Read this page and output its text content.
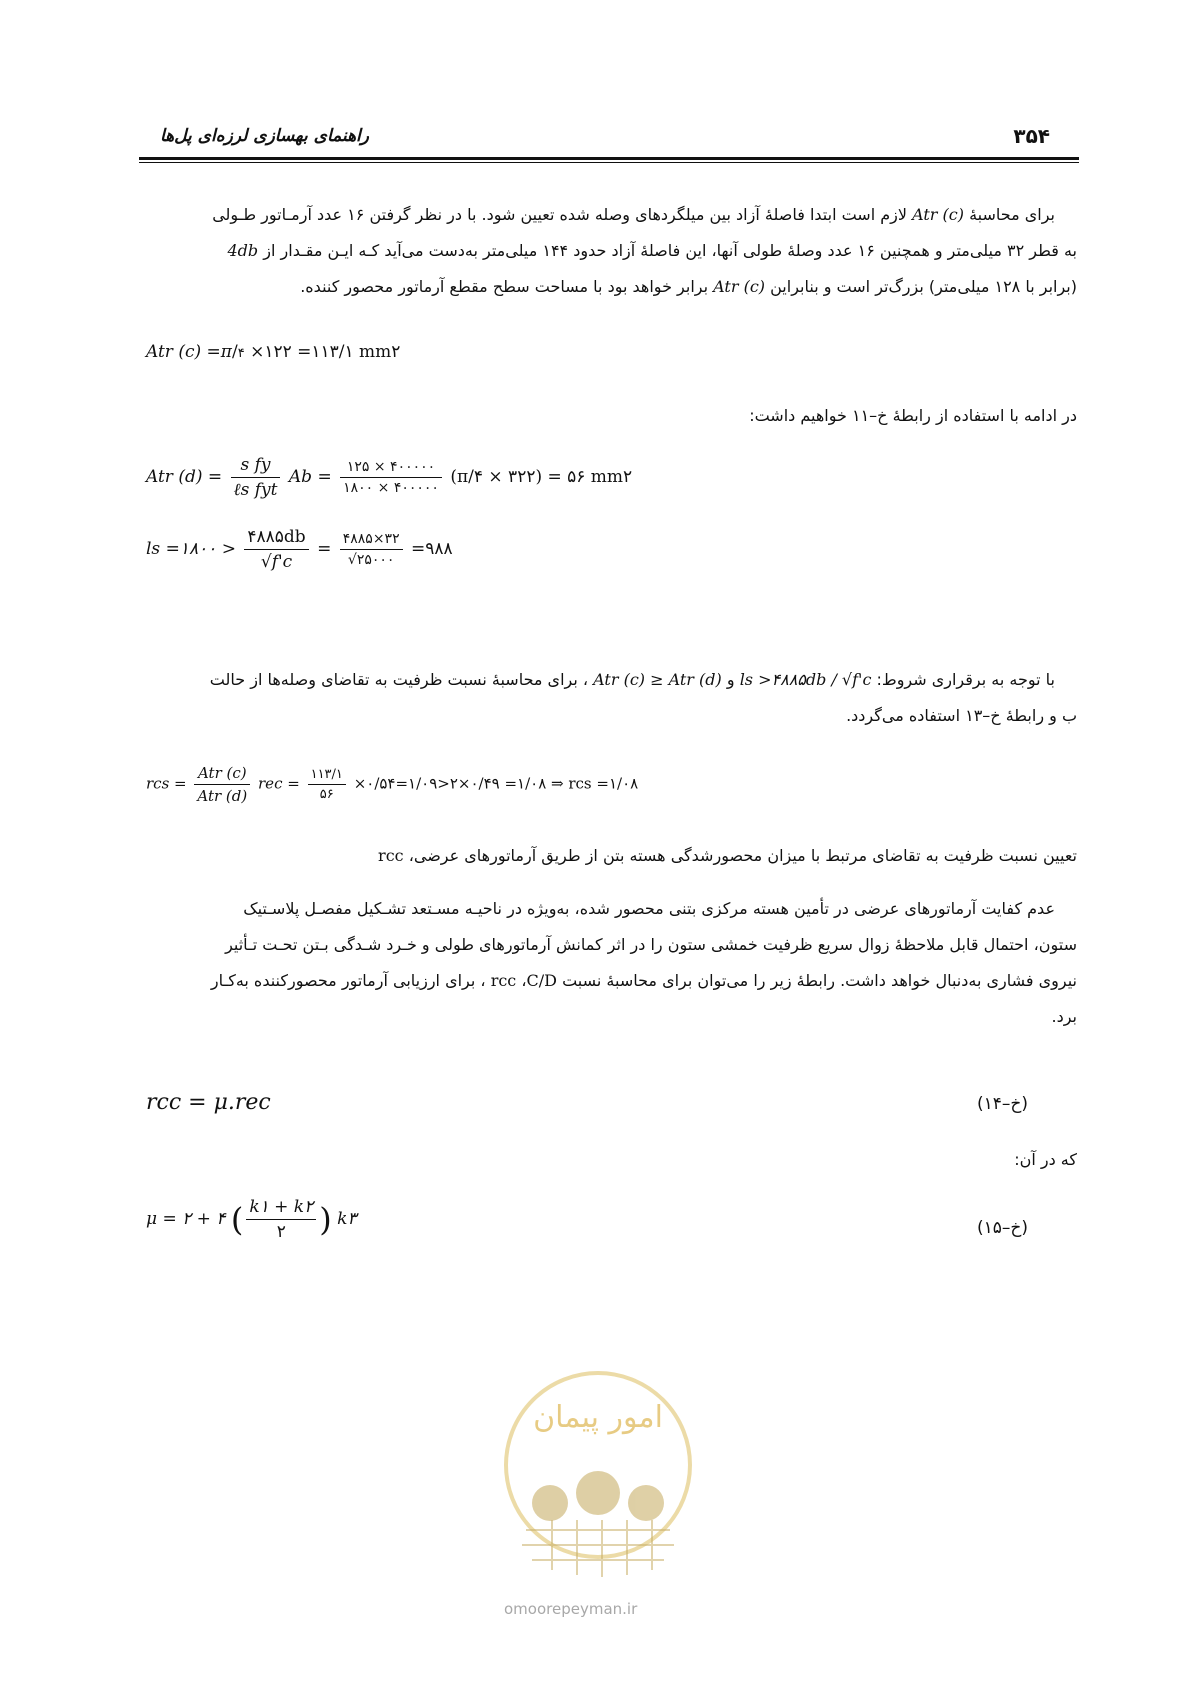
۳۵۴
راهنمای بهسازی لرزه‌ای پل‌ها
برای محاسبهٔ Atr (c) لازم است ابتدا فاصلهٔ آزاد بین میلگردهای وصله شده تعیین شود. با در نظر گرفتن ۱۶ عدد آرمـاتور طـولی
به قطر ۳۲ میلی‌متر و همچنین ۱۶ عدد وصلهٔ طولی آنها، این فاصلهٔ آزاد حدود ۱۴۴ میلی‌متر به‌دست می‌آید کـه ایـن مقـدار از 4db
(برابر با ۱۲۸ میلی‌متر) بزرگ‌تر است و بنابراین Atr (c) برابر خواهد بود با مساحت سطح مقطع آرماتور محصور کننده.
Atr (c) =π/۴ ×۱۲۲ =۱۱۳/۱ mm۲
در ادامه با استفاده از رابطهٔ خ–۱۱ خواهیم داشت:
Atr $(d) = \frac{\text{s fy}}{\text{ℓs fyt}}$ $Ab = \frac{۱۲۵ \times ۴۰۰۰۰۰}{۱۸۰۰ \times ۴۰۰۰۰۰}$ (π/۴ × ۳۲۲) = ۵۶ mm۲
ls =۱۸۰۰ > $\frac{۴۸۸۵db}{√f'c} = \frac{۴۸۸۵\times ۳۲}{√۲۵۰۰۰}$ =۹۸۸
با توجه به برقراری شروط: ls >۴۸۸۵db / √f'c و Atr (c) ≥ Atr (d) ، برای محاسبهٔ نسبت ظرفیت به تقاضای وصله‌ها از حالت
ب و رابطهٔ خ–۱۳ استفاده می‌گردد.
rcs = $\frac{\text{Atr (c)}}{\text{Atr (d)}}$ rec = $\frac{۱۱۳/۱}{۵۶}$ ×۰/۵۴=۱/۰۹>۲×۰/۴۹ =۱/۰۸ ⇒ rcs =۱/۰۸
تعیین نسبت ظرفیت به تقاضای مرتبط با میزان محصورشدگی هسته بتن از طریق آرماتورهای عرضی، rcc
عدم کفایت آرماتورهای عرضی در تأمین هسته مرکزی بتنی محصور شده، به‌ویژه در ناحیـه مسـتعد تشـکیل مفصـل پلاسـتیک
ستون، احتمال قابل ملاحظهٔ زوال سریع ظرفیت خمشی ستون را در اثر کمانش آرماتورهای طولی و خـرد شـدگی بـتن تحـت تـأثیر
نیروی فشاری به‌دنبال خواهد داشت. رابطهٔ زیر را می‌توان برای محاسبهٔ نسبت rcc ،C/D ، برای ارزیابی آرماتور محصورکننده به‌کـار
برد.
rcc = μ.rec	(خ–۱۴)
که در آن:
μ = ۲ + ۴ ( $\frac{k۱ + k۲}{۲}$ ) k۳	(خ–۱۵)
امور پیمان
omoorepeyman.ir
